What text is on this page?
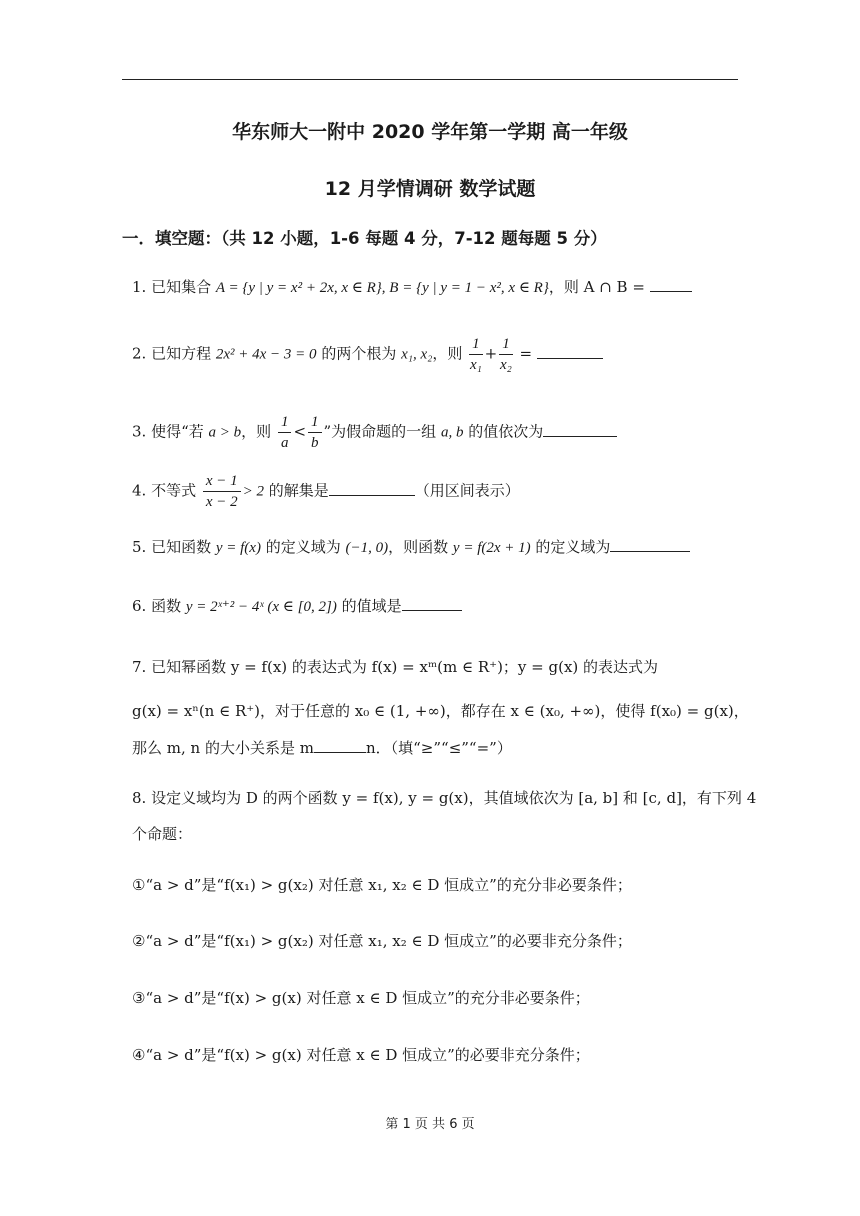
华东师大一附中 2020 学年第一学期 高一年级
12 月学情调研 数学试题
一．填空题：（共 12 小题，1-6 每题 4 分，7-12 题每题 5 分）
1. 已知集合 A = {y | y = x² + 2x, x ∈ R}, B = {y | y = 1 − x², x ∈ R}，则 A ∩ B =
2. 已知方程 2x² + 4x − 3 = 0 的两个根为 x₁, x₂，则 $\frac{1}{\text{x₁}} + \frac{1}{\text{x₂}}$ =
3. 使得“若 a > b，则 $\frac{1}{a} < \frac{1}{b}$ ”为假命题的一组 a, b 的值依次为
4. 不等式 $\frac{x - 1}{x - 2} > 2$ 的解集是	（用区间表示）
5. 已知函数 y = f(x) 的定义域为 (−1, 0)，则函数 y = f(2x + 1) 的定义域为
6. 函数 y = 2ˣ⁺² − 4ˣ (x ∈ [0, 2]) 的值域是
7. 已知幂函数 y = f(x) 的表达式为 f(x) = xᵐ(m ∈ R⁺)；y = g(x) 的表达式为
g(x) = xⁿ(n ∈ R⁺)，对于任意的 x₀ ∈ (1, +∞)，都存在 x ∈ (x₀, +∞)，使得 f(x₀) = g(x)，
那么 m, n 的大小关系是 m	n．（填“≥”“≤”“=”）
8. 设定义域均为 D 的两个函数 y = f(x), y = g(x)，其值域依次为 [a, b] 和 [c, d]，有下列 4
个命题：
①“a > d”是“f(x₁) > g(x₂) 对任意 x₁, x₂ ∈ D 恒成立”的充分非必要条件；
②“a > d”是“f(x₁) > g(x₂) 对任意 x₁, x₂ ∈ D 恒成立”的必要非充分条件；
③“a > d”是“f(x) > g(x) 对任意 x ∈ D 恒成立”的充分非必要条件；
④“a > d”是“f(x) > g(x) 对任意 x ∈ D 恒成立”的必要非充分条件；
第 1 页 共 6 页
